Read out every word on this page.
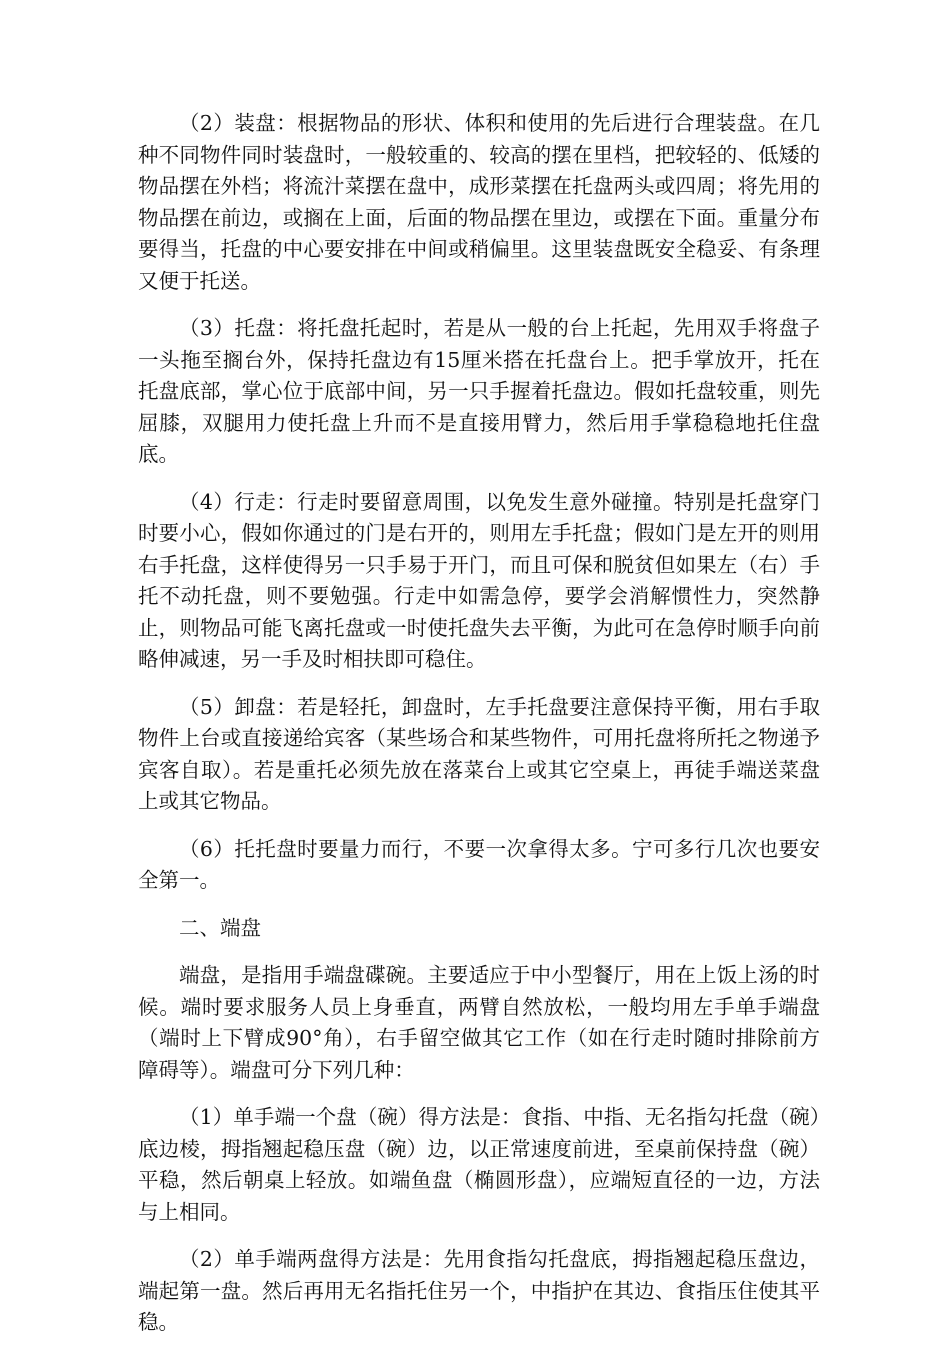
（2）装盘：根据物品的形状、体积和使用的先后进行合理装盘。在几种不同物件同时装盘时，一般较重的、较高的摆在里档，把较轻的、低矮的物品摆在外档；将流汁菜摆在盘中，成形菜摆在托盘两头或四周；将先用的物品摆在前边，或搁在上面，后面的物品摆在里边，或摆在下面。重量分布要得当，托盘的中心要安排在中间或稍偏里。这里装盘既安全稳妥、有条理又便于托送。

（3）托盘：将托盘托起时，若是从一般的台上托起，先用双手将盘子一头拖至搁台外，保持托盘边有15厘米搭在托盘台上。把手掌放开，托在托盘底部，掌心位于底部中间，另一只手握着托盘边。假如托盘较重，则先屈膝，双腿用力使托盘上升而不是直接用臂力，然后用手掌稳稳地托住盘底。

（4）行走：行走时要留意周围，以免发生意外碰撞。特别是托盘穿门时要小心，假如你通过的门是右开的，则用左手托盘；假如门是左开的则用右手托盘，这样使得另一只手易于开门，而且可保和脱贫但如果左（右）手托不动托盘，则不要勉强。行走中如需急停，要学会消解惯性力，突然静止，则物品可能飞离托盘或一时使托盘失去平衡，为此可在急停时顺手向前略伸减速，另一手及时相扶即可稳住。

（5）卸盘：若是轻托，卸盘时，左手托盘要注意保持平衡，用右手取物件上台或直接递给宾客（某些场合和某些物件，可用托盘将所托之物递予宾客自取）。若是重托必须先放在落菜台上或其它空桌上，再徒手端送菜盘上或其它物品。

（6）托托盘时要量力而行，不要一次拿得太多。宁可多行几次也要安全第一。

二、端盘

端盘，是指用手端盘碟碗。主要适应于中小型餐厅，用在上饭上汤的时候。端时要求服务人员上身垂直，两臂自然放松，一般均用左手单手端盘（端时上下臂成90°角），右手留空做其它工作（如在行走时随时排除前方障碍等）。端盘可分下列几种：

（1）单手端一个盘（碗）得方法是：食指、中指、无名指勾托盘（碗）底边棱，拇指翘起稳压盘（碗）边，以正常速度前进，至桌前保持盘（碗）平稳，然后朝桌上轻放。如端鱼盘（椭圆形盘），应端短直径的一边，方法与上相同。

（2）单手端两盘得方法是：先用食指勾托盘底，拇指翘起稳压盘边，端起第一盘。然后再用无名指托住另一个，中指护在其边、食指压住使其平稳。
